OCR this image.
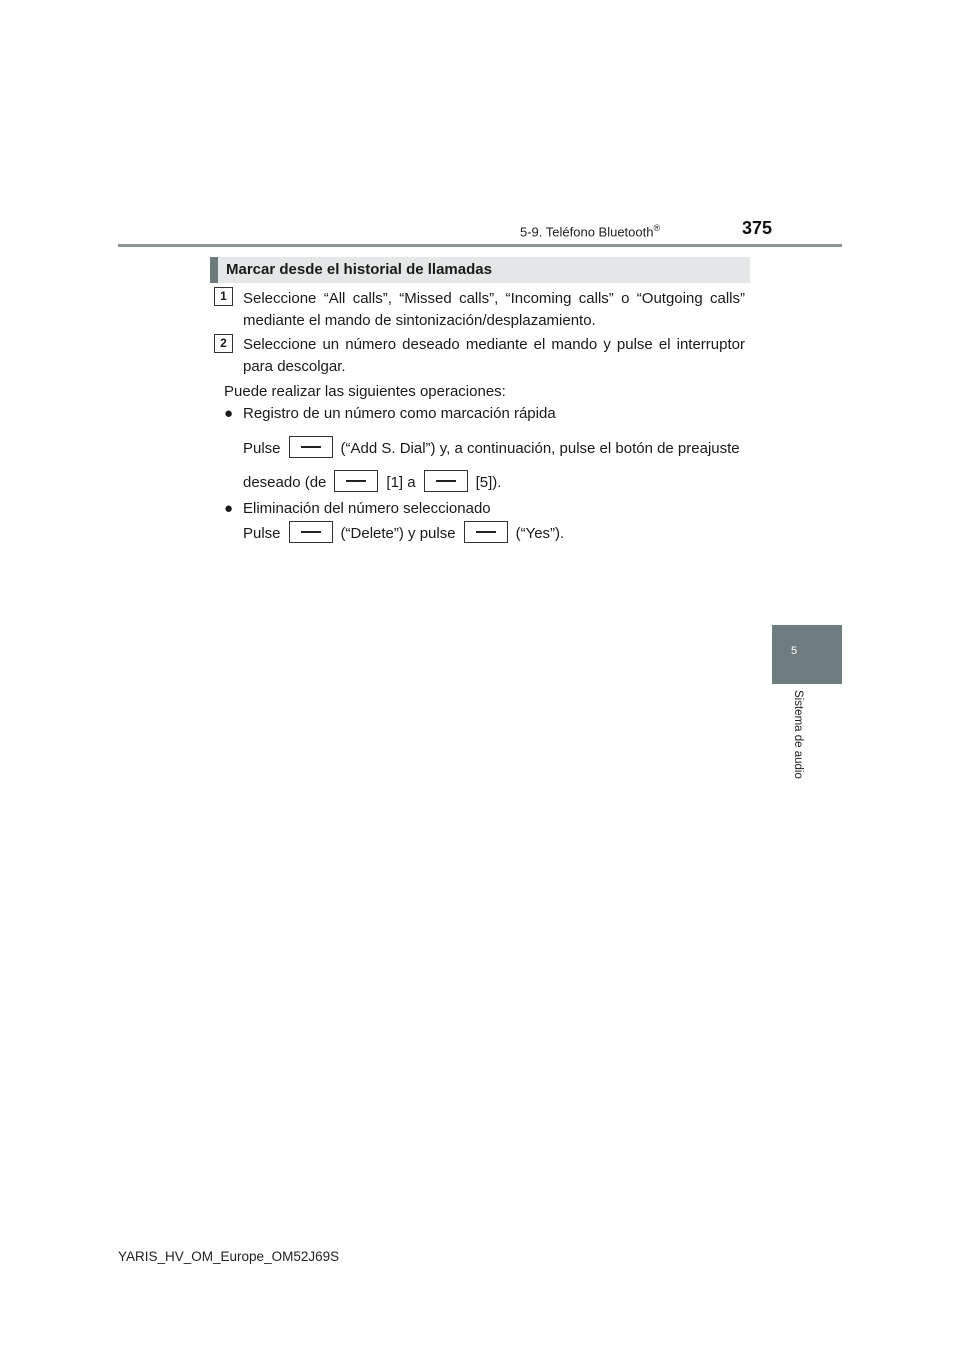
5-9. Teléfono Bluetooth®	375
5
Sistema de audio
Marcar desde el historial de llamadas
1	Seleccione “All calls”, “Missed calls”, “Incoming calls” o “Outgoing calls” mediante el mando de sintonización/desplazamiento.
2	Seleccione un número deseado mediante el mando y pulse el interruptor para descolgar.
Puede realizar las siguientes operaciones:
● Registro de un número como marcación rápida
Pulse	(“Add S. Dial”) y, a continuación, pulse el botón de preajuste
deseado (de	[1] a	[5]).
● Eliminación del número seleccionado
Pulse	(“Delete”) y pulse	(“Yes”).
YARIS_HV_OM_Europe_OM52J69S
